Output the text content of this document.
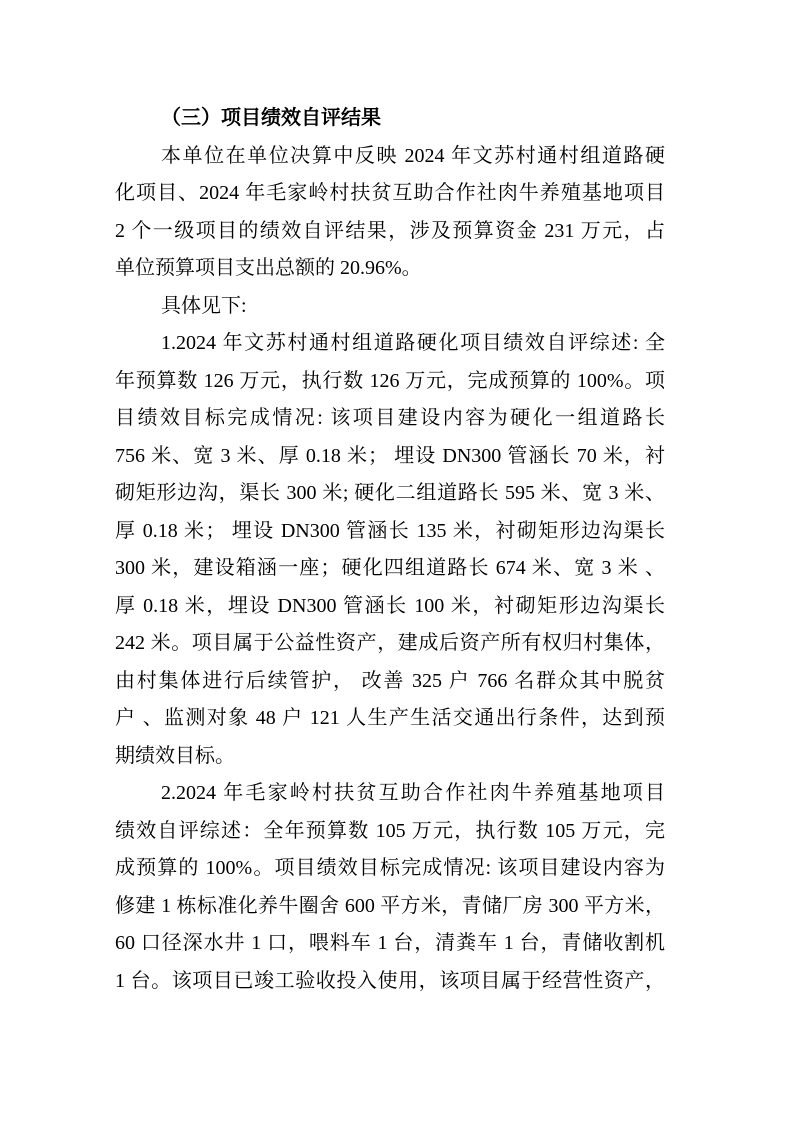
（三）项目绩效自评结果
本单位在单位决算中反映 2024 年文苏村通村组道路硬
化项目、2024 年毛家岭村扶贫互助合作社肉牛养殖基地项目
2 个一级项目的绩效自评结果，涉及预算资金 231 万元，占
单位预算项目支出总额的 20.96%。
具体见下:
1.2024 年文苏村通村组道路硬化项目绩效自评综述: 全
年预算数 126 万元，执行数 126 万元，完成预算的 100%。项
目绩效目标完成情况: 该项目建设内容为硬化一组道路长
756 米、宽 3 米、厚 0.18 米； 埋设 DN300 管涵长 70 米，衬
砌矩形边沟，渠长 300 米; 硬化二组道路长 595 米、宽 3 米、
厚 0.18 米； 埋设 DN300 管涵长 135 米，衬砌矩形边沟渠长
300 米，建设箱涵一座；硬化四组道路长 674 米、宽 3 米 、
厚 0.18 米，埋设 DN300 管涵长 100 米，衬砌矩形边沟渠长
242 米。项目属于公益性资产，建成后资产所有权归村集体，
由村集体进行后续管护， 改善 325 户 766 名群众其中脱贫
户 、监测对象 48 户 121 人生产生活交通出行条件，达到预
期绩效目标。
2.2024 年毛家岭村扶贫互助合作社肉牛养殖基地项目
绩效自评综述：全年预算数 105 万元，执行数 105 万元，完
成预算的 100%。项目绩效目标完成情况: 该项目建设内容为
修建 1 栋标准化养牛圈舍 600 平方米，青储厂房 300 平方米，
60 口径深水井 1 口，喂料车 1 台，清粪车 1 台，青储收割机
1 台。该项目已竣工验收投入使用，该项目属于经营性资产，
